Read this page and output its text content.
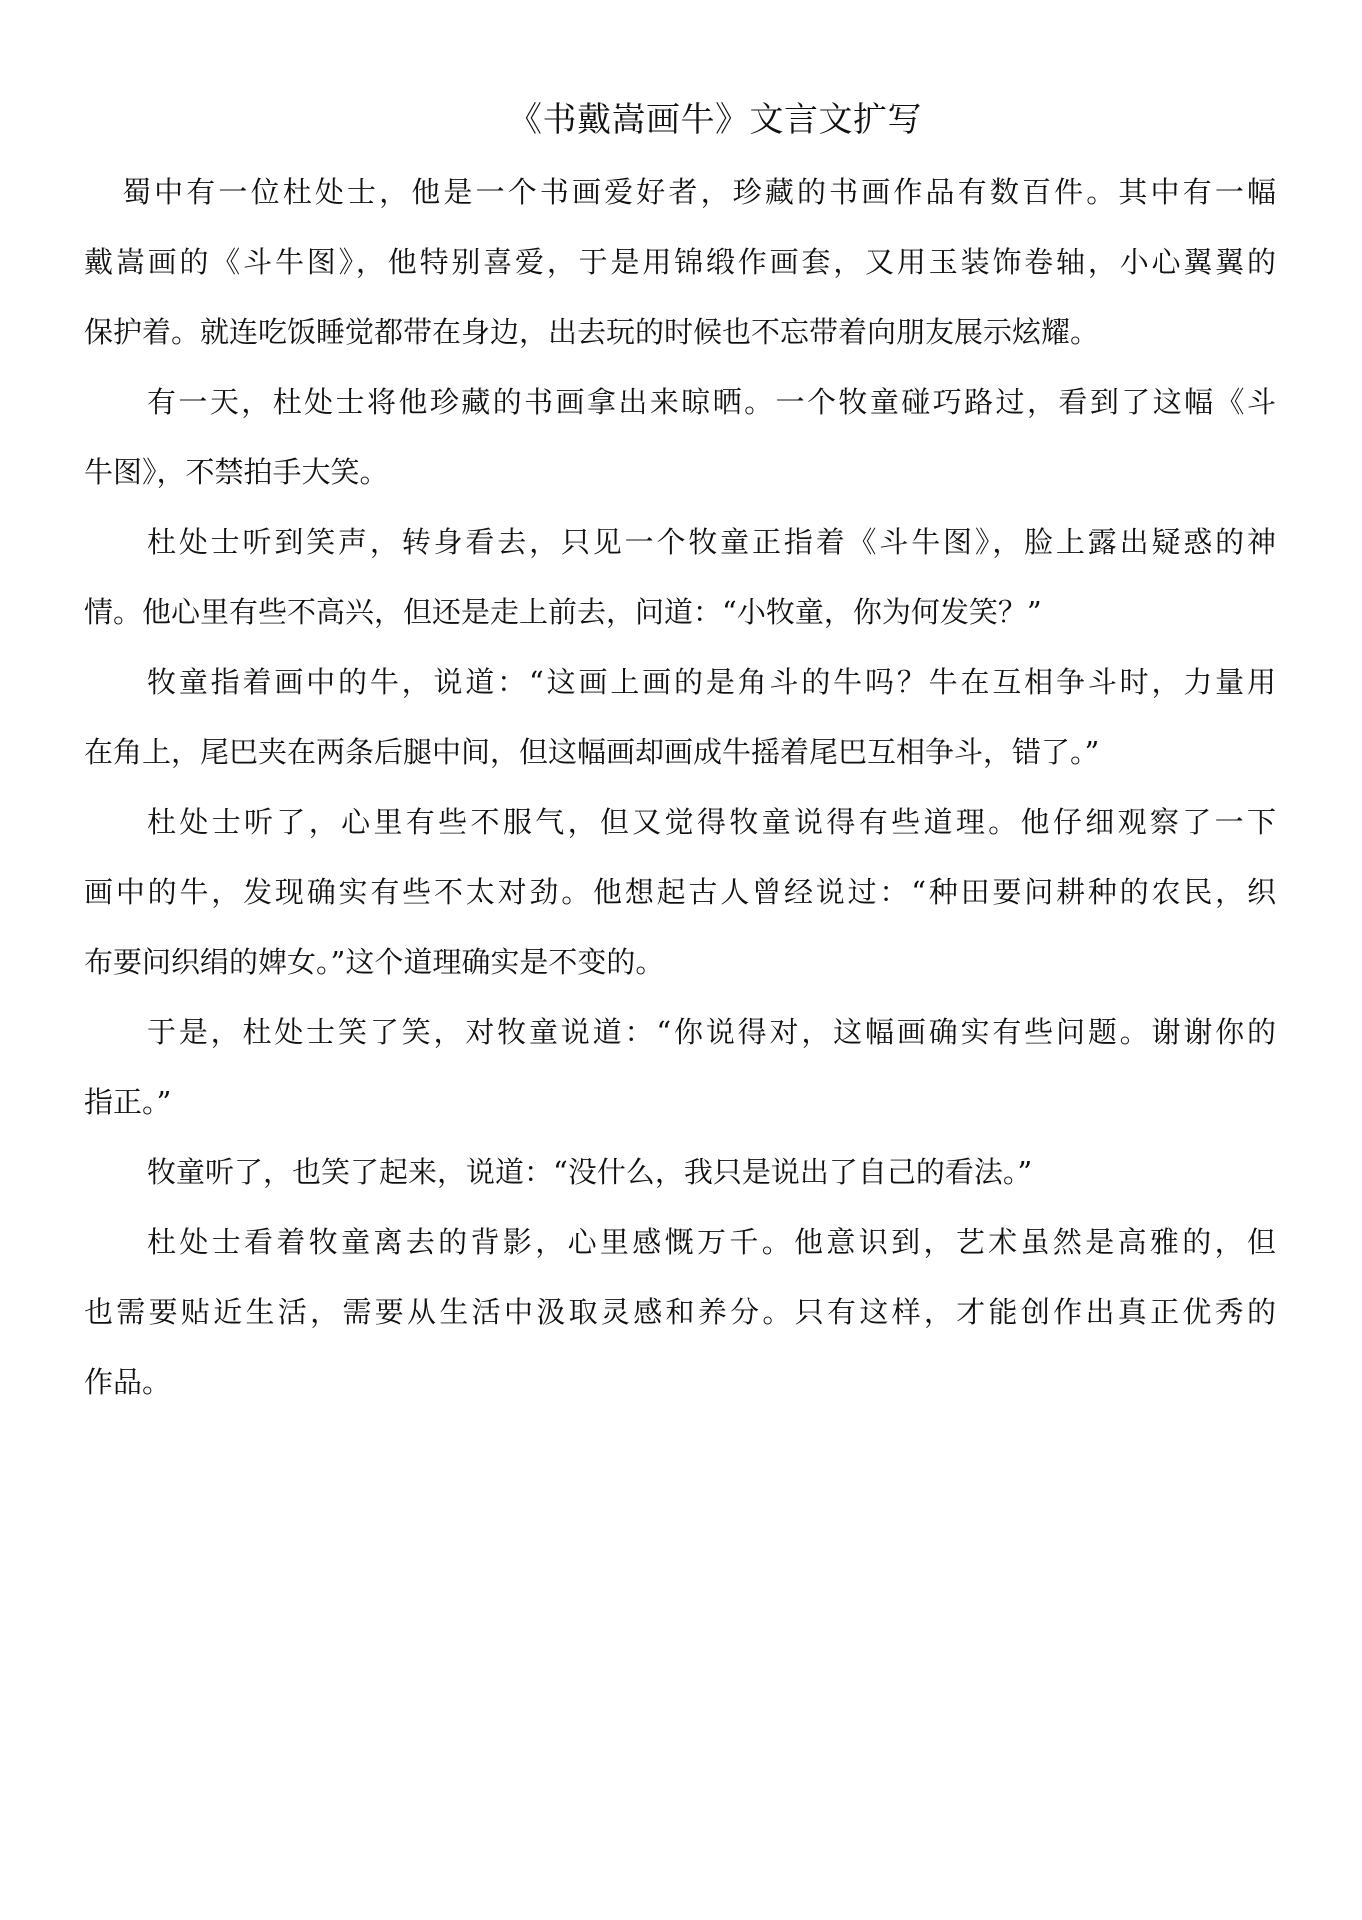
《书戴嵩画牛》文言文扩写
蜀中有一位杜处士，他是一个书画爱好者，珍藏的书画作品有数百件。其中有一幅
戴嵩画的《斗牛图》，他特别喜爱，于是用锦缎作画套，又用玉装饰卷轴，小心翼翼的
保护着。就连吃饭睡觉都带在身边，出去玩的时候也不忘带着向朋友展示炫耀。
有一天，杜处士将他珍藏的书画拿出来晾晒。一个牧童碰巧路过，看到了这幅《斗
牛图》，不禁拍手大笑。
杜处士听到笑声，转身看去，只见一个牧童正指着《斗牛图》，脸上露出疑惑的神
情。他心里有些不高兴，但还是走上前去，问道：“小牧童，你为何发笑？”
牧童指着画中的牛，说道：“这画上画的是角斗的牛吗？牛在互相争斗时，力量用
在角上，尾巴夹在两条后腿中间，但这幅画却画成牛摇着尾巴互相争斗，错了。”
杜处士听了，心里有些不服气，但又觉得牧童说得有些道理。他仔细观察了一下
画中的牛，发现确实有些不太对劲。他想起古人曾经说过：“种田要问耕种的农民，织
布要问织绢的婢女。”这个道理确实是不变的。
于是，杜处士笑了笑，对牧童说道：“你说得对，这幅画确实有些问题。谢谢你的
指正。”
牧童听了，也笑了起来，说道：“没什么，我只是说出了自己的看法。”
杜处士看着牧童离去的背影，心里感慨万千。他意识到，艺术虽然是高雅的，但
也需要贴近生活，需要从生活中汲取灵感和养分。只有这样，才能创作出真正优秀的
作品。
